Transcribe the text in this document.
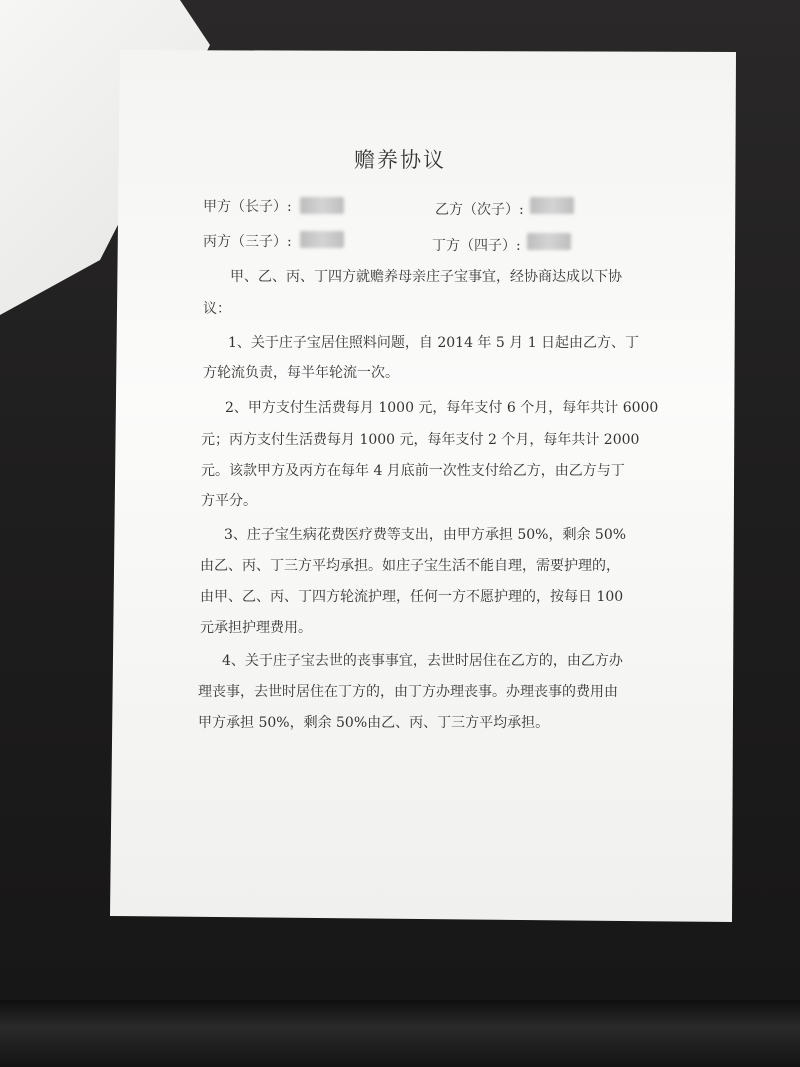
赡养协议
甲方（长子）:	乙方（次子）:
丙方（三子）:	丁方（四子）:
甲、乙、丙、丁四方就赡养母亲庄子宝事宜，经协商达成以下协
议：
1、关于庄子宝居住照料问题，自 2014 年 5 月 1 日起由乙方、丁
方轮流负责，每半年轮流一次。
2、甲方支付生活费每月 1000 元，每年支付 6 个月，每年共计 6000
元；丙方支付生活费每月 1000 元，每年支付 2 个月，每年共计 2000
元。该款甲方及丙方在每年 4 月底前一次性支付给乙方，由乙方与丁
方平分。
3、庄子宝生病花费医疗费等支出，由甲方承担 50%，剩余 50%
由乙、丙、丁三方平均承担。如庄子宝生活不能自理，需要护理的，
由甲、乙、丙、丁四方轮流护理，任何一方不愿护理的，按每日 100
元承担护理费用。
4、关于庄子宝去世的丧事事宜，去世时居住在乙方的，由乙方办
理丧事，去世时居住在丁方的，由丁方办理丧事。办理丧事的费用由
甲方承担 50%，剩余 50%由乙、丙、丁三方平均承担。
